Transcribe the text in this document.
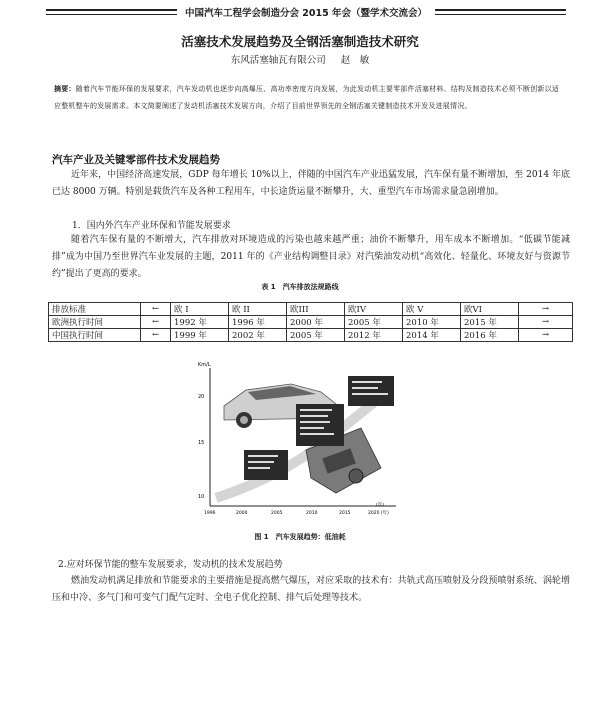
中国汽车工程学会制造分会 2015 年会（暨学术交流会）
活塞技术发展趋势及全钢活塞制造技术研究
东风活塞轴瓦有限公司 赵　敏
摘要：随着汽车节能环保的发展要求，汽车发动机也逐步向高爆压、高功率密度方向发展，为此发动机主要零部件活塞材料、结构及制造技术必须不断创新以适应整机整车的发展需求。本文简要阐述了发动机活塞技术发展方向，介绍了目前世界领先的全钢活塞关键制造技术开发及进展情况。
汽车产业及关键零部件技术发展趋势
近年来，中国经济高速发展，GDP 每年增长 10%以上，伴随的中国汽车产业迅猛发展，汽车保有量不断增加，至 2014 年底已达 8000 万辆。特别是载货汽车及各种工程用车，中长途货运量不断攀升，大、重型汽车市场需求量急剧增加。
1．国内外汽车产业环保和节能发展要求
随着汽车保有量的不断增大，汽车排放对环境造成的污染也越来越严重；油价不断攀升，用车成本不断增加。“低碳节能减排”成为中国乃至世界汽车业发展的主题，2011 年的《产业结构调整目录》对汽柴油发动机“高效化、轻量化、环境友好与资源节约”提出了更高的要求。
表 1　汽车排放法规路线
排放标准	←	欧 I	欧 II	欧III	欧IV	欧 V	欧VI	→
欧洲执行时间	←	1992 年	1996 年	2000 年	2005 年	2010 年	2015 年	→
中国执行时间	←	1999 年	2002 年	2005 年	2012 年	2014 年	2016 年	→
Km/L
20
15
10
1996	2000	2005	2010	2015	2020 (年)
(年)
图 1　汽车发展趋势：低油耗
2.应对环保节能的整车发展要求，发动机的技术发展趋势
燃油发动机满足排放和节能要求的主要措施是提高燃气爆压，对应采取的技术有：共轨式高压喷射及分段预喷射系统、涡轮增压和中冷、多气门和可变气门配气定时、全电子优化控制、排气后处理等技术。
